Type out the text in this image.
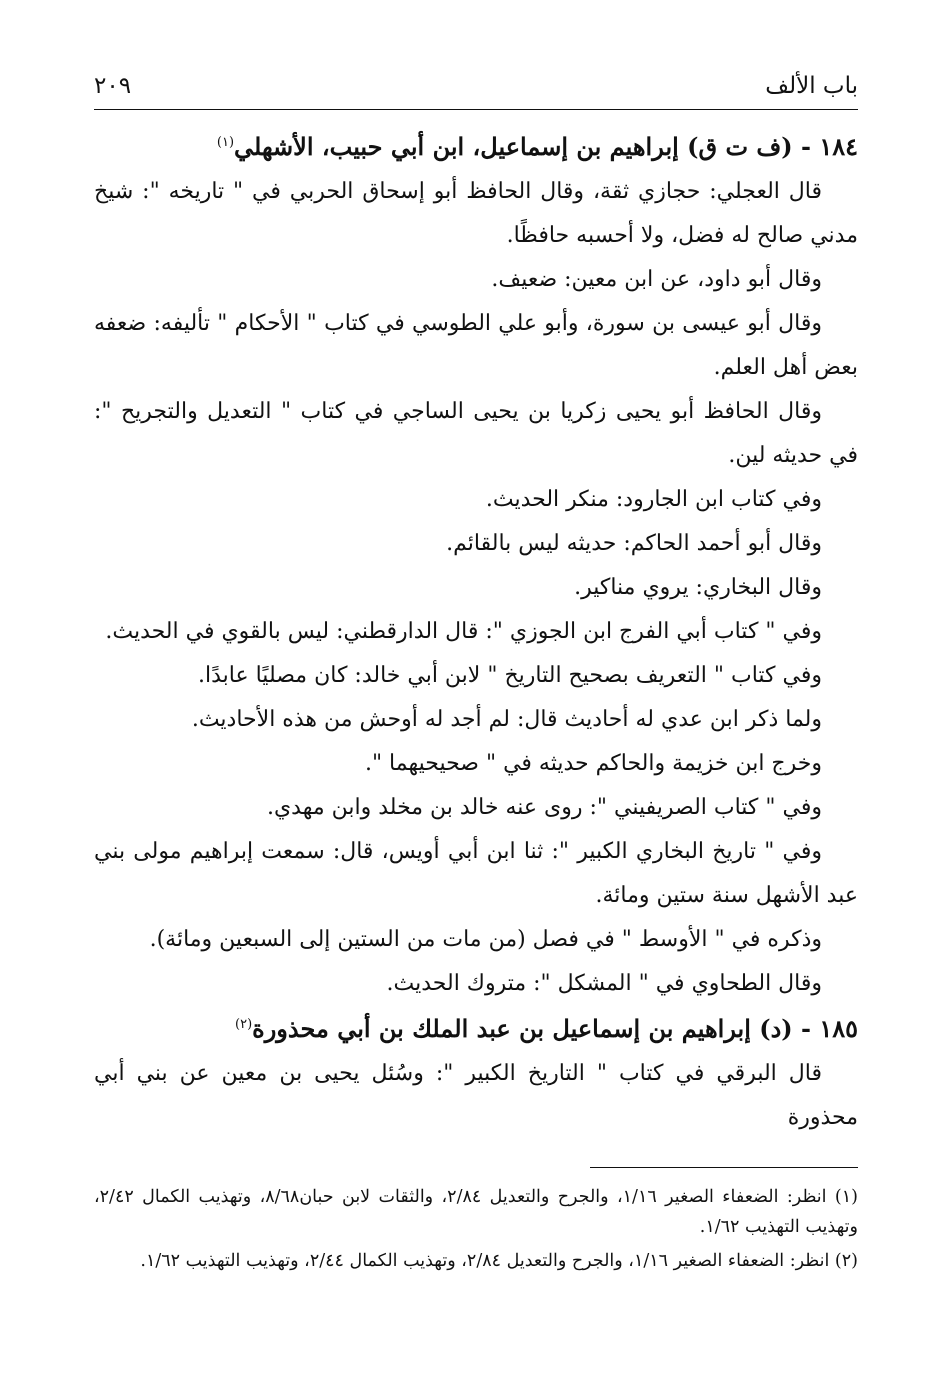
باب الألف
٢٠٩

١٨٤ - (ف ت ق) إبراهيم بن إسماعيل، ابن أبي حبيب، الأشهلي$^{(١)}$

قال العجلي: حجازي ثقة، وقال الحافظ أبو إسحاق الحربي في " تاريخه ": شيخ مدني صالح له فضل، ولا أحسبه حافظًا.

وقال أبو داود، عن ابن معين: ضعيف.

وقال أبو عيسى بن سورة، وأبو علي الطوسي في كتاب " الأحكام " تأليفه: ضعفه بعض أهل العلم.

وقال الحافظ أبو يحيى زكريا بن يحيى الساجي في كتاب " التعديل والتجريح ": في حديثه لين.

وفي كتاب ابن الجارود: منكر الحديث.

وقال أبو أحمد الحاكم: حديثه ليس بالقائم.

وقال البخاري: يروي مناكير.

وفي " كتاب أبي الفرج ابن الجوزي ": قال الدارقطني: ليس بالقوي في الحديث.

وفي كتاب " التعريف بصحيح التاريخ " لابن أبي خالد: كان مصليًا عابدًا.

ولما ذكر ابن عدي له أحاديث قال: لم أجد له أوحش من هذه الأحاديث.

وخرج ابن خزيمة والحاكم حديثه في " صحيحيهما ".

وفي " كتاب الصريفيني ": روى عنه خالد بن مخلد وابن مهدي.

وفي " تاريخ البخاري الكبير ": ثنا ابن أبي أويس، قال: سمعت إبراهيم مولى بني عبد الأشهل سنة ستين ومائة.

وذكره في " الأوسط " في فصل (من مات من الستين إلى السبعين ومائة).

وقال الطحاوي في " المشكل ": متروك الحديث.

١٨٥ - (د) إبراهيم بن إسماعيل بن عبد الملك بن أبي محذورة$^{(٢)}$

قال البرقي في كتاب " التاريخ الكبير ": وسُئل يحيى بن معين عن بني أبي محذورة

(١) انظر: الضعفاء الصغير ١/١٦، والجرح والتعديل ٢/٨٤، والثقات لابن حبان٨/٦٨، وتهذيب الكمال ٢/٤٢، وتهذيب التهذيب ١/٦٢.

(٢) انظر: الضعفاء الصغير ١/١٦، والجرح والتعديل ٢/٨٤، وتهذيب الكمال ٢/٤٤، وتهذيب التهذيب ١/٦٢.
